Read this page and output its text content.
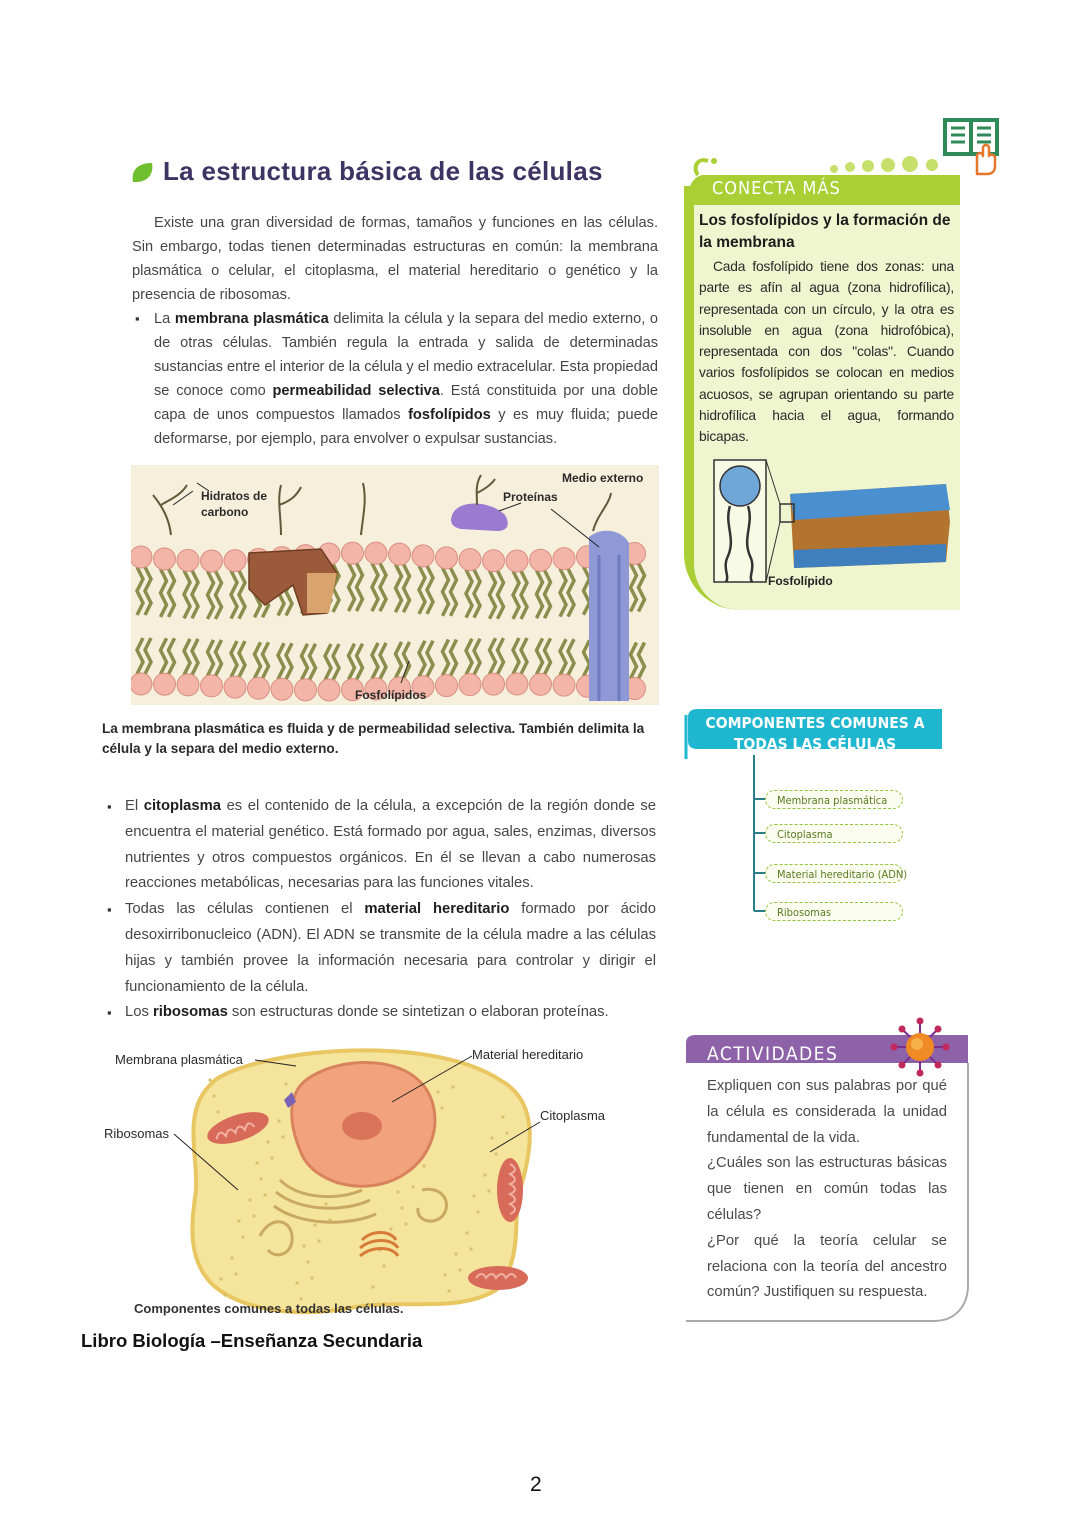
La estructura básica de las células
Existe una gran diversidad de formas, tamaños y funciones en las células. Sin embargo, todas tienen determinadas estructuras en común: la membrana plasmática o celular, el citoplasma, el material hereditario o genético y la presencia de ribosomas.
▪ La membrana plasmática delimita la célula y la separa del medio externo, o de otras células. También regula la entrada y salida de determinadas sustancias entre el interior de la célula y el medio extracelular. Esta propiedad se conoce como permeabilidad selectiva. Está constituida por una doble capa de unos compuestos llamados fosfolípidos y es muy fluida; puede deformarse, por ejemplo, para envolver o expulsar sustancias.
Hidratos de carbono
Medio externo
Proteínas
Fosfolípidos
La membrana plasmática es fluida y de permeabilidad selectiva. También delimita la célula y la separa del medio externo.
▪ El citoplasma es el contenido de la célula, a excepción de la región donde se encuentra el material genético. Está formado por agua, sales, enzimas, diversos nutrientes y otros compuestos orgánicos. En él se llevan a cabo numerosas reacciones metabólicas, necesarias para las funciones vitales.
▪ Todas las células contienen el material hereditario formado por ácido desoxirribonucleico (ADN). El ADN se transmite de la célula madre a las células hijas y también provee la información necesaria para controlar y dirigir el funcionamiento de la célula.
▪ Los ribosomas son estructuras donde se sintetizan o elaboran proteínas.
Membrana plasmática	Material hereditario
Ribosomas
Citoplasma
Componentes comunes a todas las células.
Libro Biología –Enseñanza Secundaria
2
CONECTA MÁS
Los fosfolípidos y la formación de la membrana
Cada fosfolípido tiene dos zonas: una parte es afín al agua (zona hidrofílica), representada con un círculo, y la otra es insoluble en agua (zona hidrofóbica), representada con dos "colas". Cuando varios fosfolípidos se colocan en medios acuosos, se agrupan orientando su parte hidrofílica hacia el agua, formando bicapas.
Fosfolípido
COMPONENTES COMUNES A TODAS LAS CÉLULAS
Membrana plasmática
Citoplasma
Material hereditario (ADN)
Ribosomas
ACTIVIDADES

Expliquen con sus palabras por qué la célula es considerada la unidad fundamental de la vida.

¿Cuáles son las estructuras básicas que tienen en común todas las células?

¿Por qué la teoría celular se relaciona con la teoría del ancestro común? Justifiquen su respuesta.
